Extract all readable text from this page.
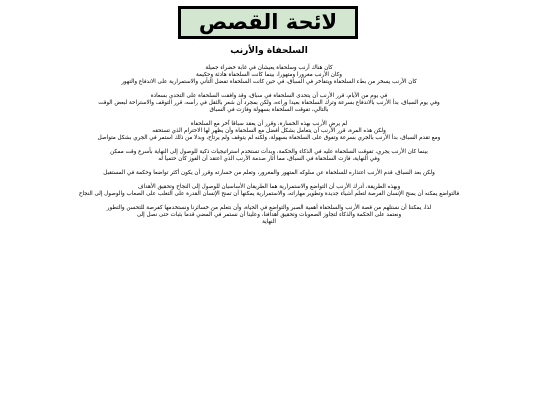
لائحة القصص
السلحفاة والأرنب

كان هناك أرنب وسلحفاة يعيشان في غابة خضراء جميلة
وكان الأرنب مغرورا ومتهورا، بينما كانت السلحفاة هادئة وحكيمة
كان الأرنب يسخر من بطء السلحفاة ويتفاخر في السباق، في حين كانت السلحفاة تفضل التأني والاستمرارية على الاندفاع والتهور

في يوم من الأيام، قرر الأرنب أن يتحدى السلحفاة في سباق، وقد وافقت السلحفاة على التحدي بسعادة
وفي يوم السباق، بدأ الأرنب بالاندفاع بسرعة وترك السلحفاة بعيدا وراءه، ولكن بمجرد أن شعر بالثقل في رأسه، قرر التوقف والاستراحة لبعض الوقت
بالتالي، تفوقت السلحفاة بسهولة وفازت في السباق

لم يرض الأرنب بهذه الخسارة، وقرر أن يعقد سباقا آخر مع السلحفاة
ولكن هذه المرة، قرر الأرنب أن يتعامل بشكل أفضل مع السلحفاة وأن يظهر لها الاحترام الذي تستحقه
ومع تقدم السباق، بدأ الأرنب بالجري بسرعة وتفوق على السلحفاة بسهولة، ولكنه لم يتوقف ولم يرتاح، وبدلا من ذلك استمر في الجري بشكل متواصل

بينما كان الأرنب يجري، تفوقت السلحفاة عليه في الذكاء والحكمة، وبدأت تستخدم استراتيجيات ذكية للوصول إلى النهاية بأسرع وقت ممكن
وفي النهاية، فازت السلحفاة في السباق، مما أثار صدمة الأرنب الذي اعتقد أن الفوز كان حتميا له

ولكن بعد السباق، قدم الأرنب اعتذاره للسلحفاة عن سلوكه المتهور والمغرور، وتعلم من خسارته وقرر أن يكون أكثر تواضعا وحكمة في المستقبل

وبهذه الطريقة، أدرك الأرنب أن التواضع والاستمرارية هما الطريقان الأساسيان للوصول إلى النجاح وتحقيق الأهداف
فالتواضع يمكنه أن يمنح الإنسان الفرصة لتعلم أشياء جديدة وتطوير مهاراته، والاستمرارية يمكنها أن تمنح الإنسان القدرة على التغلب على الصعاب والوصول إلى النجاح

لذا، يمكننا أن نستلهم من قصة الأرنب والسلحفاة أهمية الصبر والتواضع في الحياة، وأن نتعلم من خسائرنا ونستخدمها كفرصة للتحسن والتطور
ونعتمد على الحكمة والذكاء لتجاوز الصعوبات وتحقيق أهدافنا، وعلينا أن نستمر في المضي قدما بثبات حتى نصل إلى
النهاية
